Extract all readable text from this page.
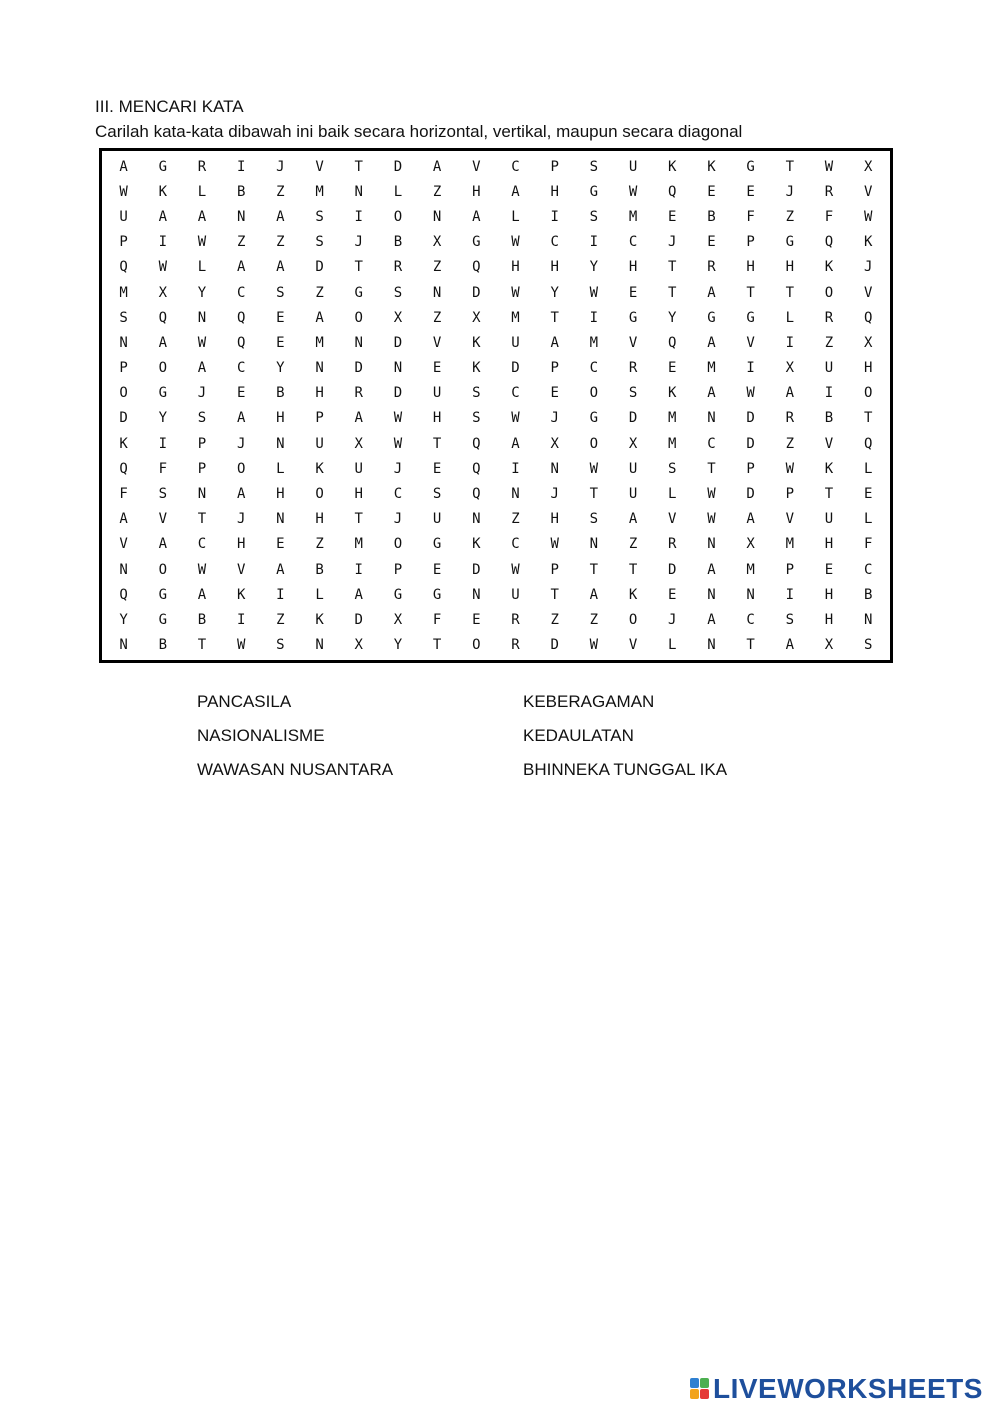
III. MENCARI KATA
Carilah kata-kata dibawah ini baik secara horizontal, vertikal, maupun secara diagonal
A	G	R	I	J	V	T	D	A	V	C	P	S	U	K	K	G	T	W	X
W	K	L	B	Z	M	N	L	Z	H	A	H	G	W	Q	E	E	J	R	V
U	A	A	N	A	S	I	O	N	A	L	I	S	M	E	B	F	Z	F	W
P	I	W	Z	Z	S	J	B	X	G	W	C	I	C	J	E	P	G	Q	K
Q	W	L	A	A	D	T	R	Z	Q	H	H	Y	H	T	R	H	H	K	J
M	X	Y	C	S	Z	G	S	N	D	W	Y	W	E	T	A	T	T	O	V
S	Q	N	Q	E	A	O	X	Z	X	M	T	I	G	Y	G	G	L	R	Q
N	A	W	Q	E	M	N	D	V	K	U	A	M	V	Q	A	V	I	Z	X
P	O	A	C	Y	N	D	N	E	K	D	P	C	R	E	M	I	X	U	H
O	G	J	E	B	H	R	D	U	S	C	E	O	S	K	A	W	A	I	O
D	Y	S	A	H	P	A	W	H	S	W	J	G	D	M	N	D	R	B	T
K	I	P	J	N	U	X	W	T	Q	A	X	O	X	M	C	D	Z	V	Q
Q	F	P	O	L	K	U	J	E	Q	I	N	W	U	S	T	P	W	K	L
F	S	N	A	H	O	H	C	S	Q	N	J	T	U	L	W	D	P	T	E
A	V	T	J	N	H	T	J	U	N	Z	H	S	A	V	W	A	V	U	L
V	A	C	H	E	Z	M	O	G	K	C	W	N	Z	R	N	X	M	H	F
N	O	W	V	A	B	I	P	E	D	W	P	T	T	D	A	M	P	E	C
Q	G	A	K	I	L	A	G	G	N	U	T	A	K	E	N	N	I	H	B
Y	G	B	I	Z	K	D	X	F	E	R	Z	Z	O	J	A	C	S	H	N
N	B	T	W	S	N	X	Y	T	O	R	D	W	V	L	N	T	A	X	S
PANCASILA	KEBERAGAMAN
NASIONALISME	KEDAULATAN
WAWASAN NUSANTARA	BHINNEKA TUNGGAL IKA
LIVEWORKSHEETS
